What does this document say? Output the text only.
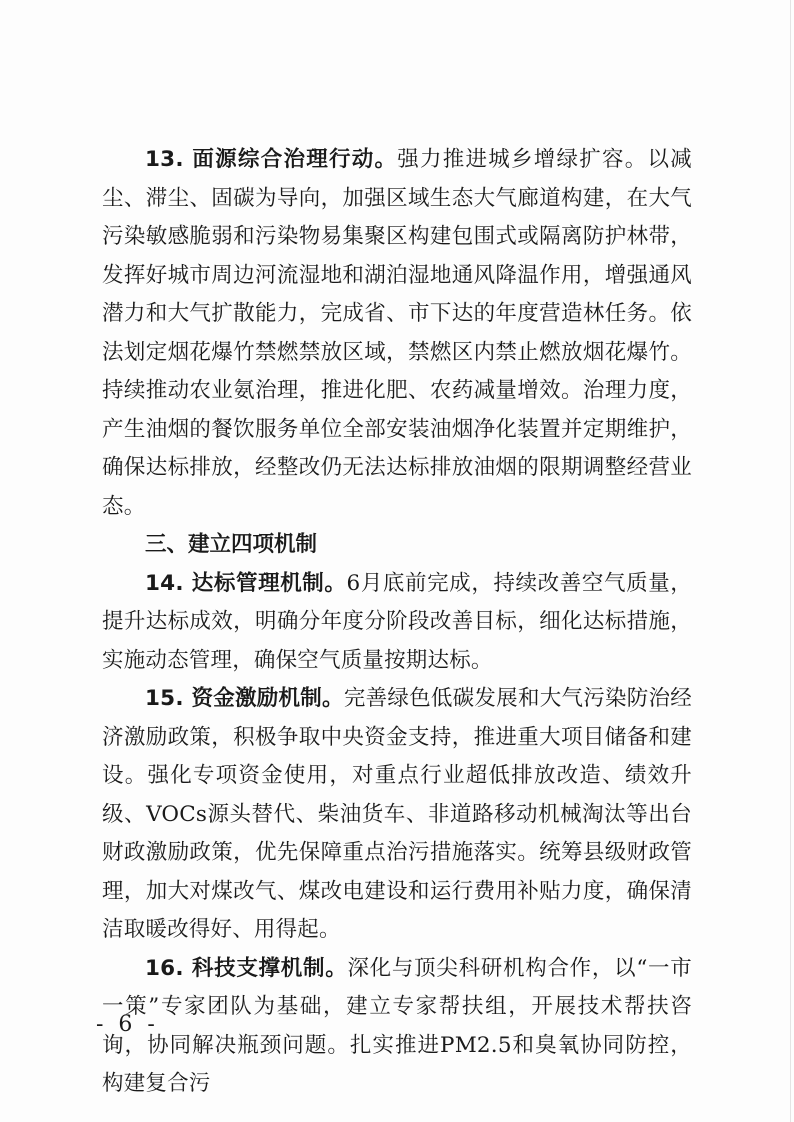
13. 面源综合治理行动。强力推进城乡增绿扩容。以减尘、滞尘、固碳为导向，加强区域生态大气廊道构建，在大气污染敏感脆弱和污染物易集聚区构建包围式或隔离防护林带，发挥好城市周边河流湿地和湖泊湿地通风降温作用，增强通风潜力和大气扩散能力，完成省、市下达的年度营造林任务。依法划定烟花爆竹禁燃禁放区域，禁燃区内禁止燃放烟花爆竹。持续推动农业氨治理，推进化肥、农药减量增效。治理力度，产生油烟的餐饮服务单位全部安装油烟净化装置并定期维护，确保达标排放，经整改仍无法达标排放油烟的限期调整经营业态。

三、建立四项机制

14. 达标管理机制。6月底前完成，持续改善空气质量，提升达标成效，明确分年度分阶段改善目标，细化达标措施，实施动态管理，确保空气质量按期达标。

15. 资金激励机制。完善绿色低碳发展和大气污染防治经济激励政策，积极争取中央资金支持，推进重大项目储备和建设。强化专项资金使用，对重点行业超低排放改造、绩效升级、VOCs源头替代、柴油货车、非道路移动机械淘汰等出台财政激励政策，优先保障重点治污措施落实。统筹县级财政管理，加大对煤改气、煤改电建设和运行费用补贴力度，确保清洁取暖改得好、用得起。

16. 科技支撑机制。深化与顶尖科研机构合作，以“一市一策”专家团队为基础，建立专家帮扶组，开展技术帮扶咨询，协同解决瓶颈问题。扎实推进PM2.5和臭氧协同防控，构建复合污

- 6 -
